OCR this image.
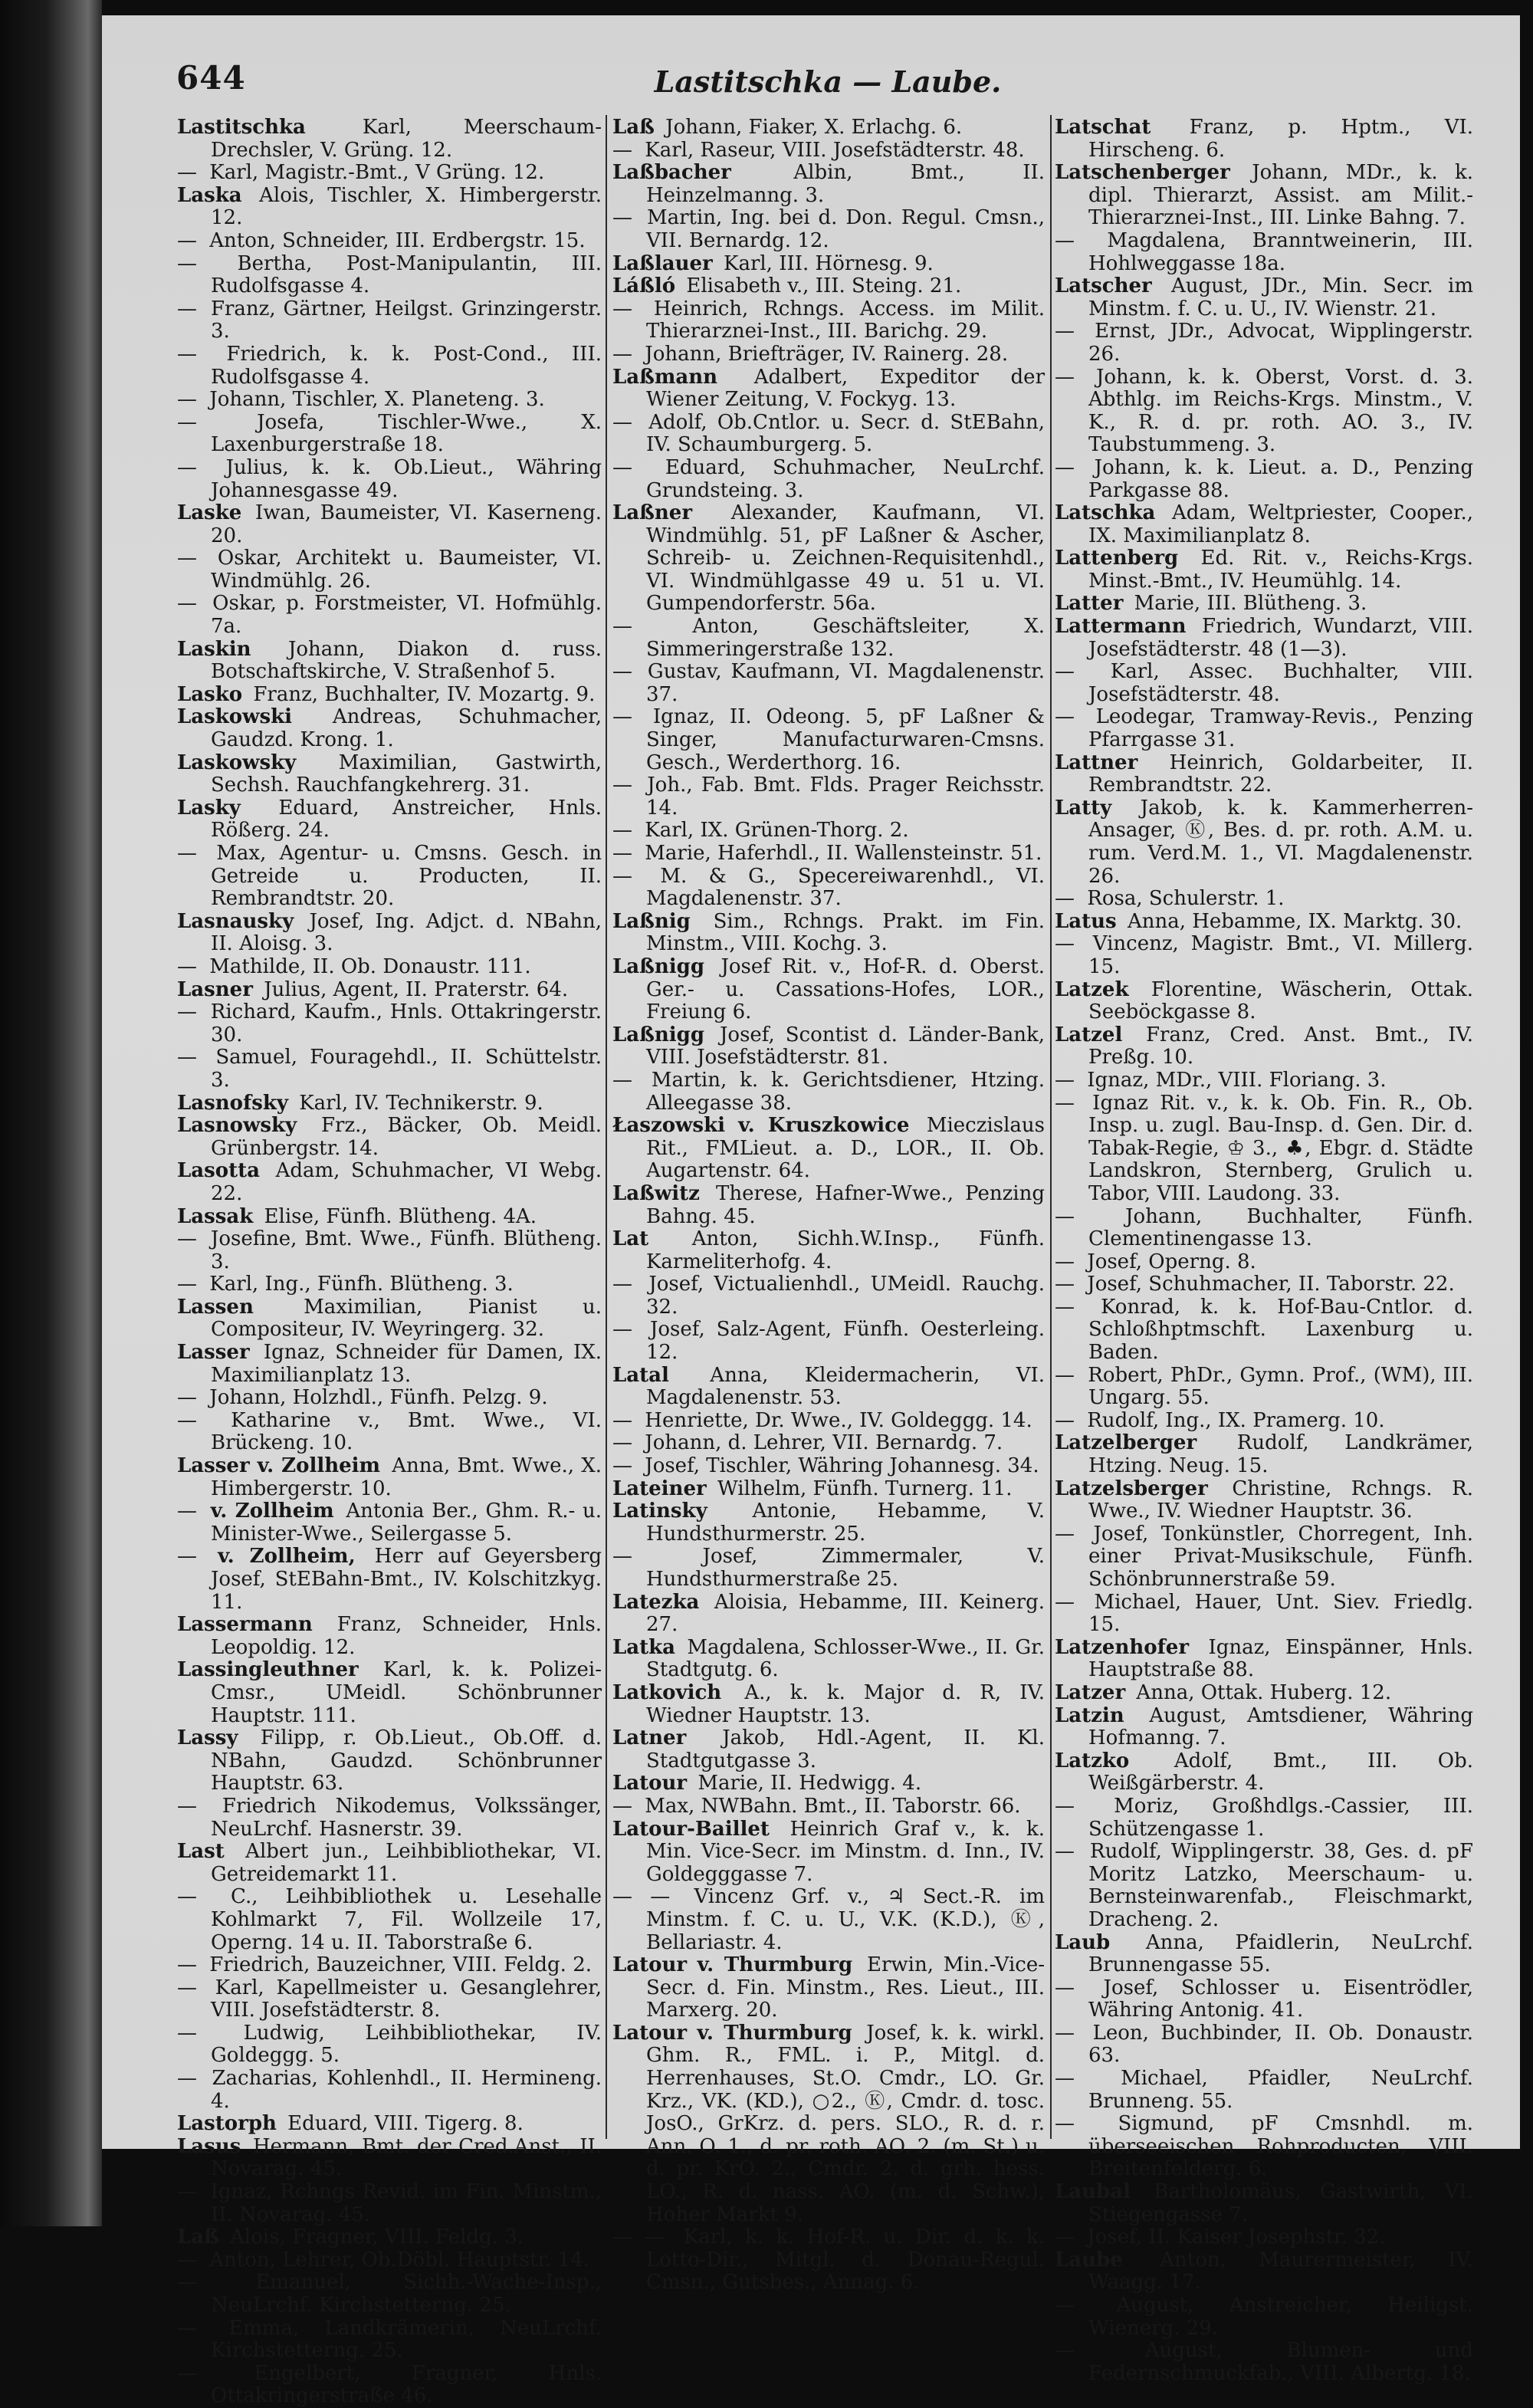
644	Lastitschka — Laube.
Lastitschka	Karl, Meerschaum-Drechsler, V. Grüng. 12.
— Karl, Magistr.-Bmt., V Grüng. 12.
Laska Alois, Tischler, X. Himbergerstr. 12.
— Anton, Schneider, III. Erdbergstr. 15.
— Bertha, Post-Manipulantin, III. Rudolfsgasse 4.
— Franz, Gärtner, Heilgst. Grinzingerstr. 3.
— Friedrich, k. k. Post-Cond., III. Rudolfsgasse 4.
— Johann, Tischler, X. Planeteng. 3.
—	Josefa, Tischler-Wwe., X. Laxenburgerstraße 18.
— Julius, k. k. Ob.Lieut., Währing Johannesgasse 49.
Laske Iwan, Baumeister, VI. Kaserneng. 20.
— Oskar, Architekt u. Baumeister, VI. Windmühlg. 26.
— Oskar, p. Forstmeister, VI. Hofmühlg. 7a.
Laskin Johann, Diakon d. russ. Botschaftskirche, V. Straßenhof 5.
Lasko Franz, Buchhalter, IV. Mozartg. 9.
Laskowski Andreas, Schuhmacher, Gaudzd. Krong. 1.
Laskowsky Maximilian, Gastwirth, Sechsh. Rauchfangkehrerg. 31.
Lasky Eduard, Anstreicher, Hnls. Rößerg. 24.
— Max, Agentur- u. Cmsns. Gesch. in Getreide u. Producten, II. Rembrandtstr. 20.
Lasnausky Josef, Ing. Adjct. d. NBahn, II. Aloisg. 3.
— Mathilde, II. Ob. Donaustr. 111.
Lasner Julius, Agent, II. Praterstr. 64.
— Richard, Kaufm., Hnls. Ottakringerstr. 30.
— Samuel, Fouragehdl., II. Schüttelstr. 3.
Lasnofsky Karl, IV. Technikerstr. 9.
Lasnowsky Frz., Bäcker, Ob. Meidl. Grünbergstr. 14.
Lasotta Adam, Schuhmacher, VI Webg. 22.
Lassak Elise, Fünfh. Blütheng. 4A.
— Josefine, Bmt. Wwe., Fünfh. Blütheng. 3.
— Karl, Ing., Fünfh. Blütheng. 3.
Lassen	Maximilian, Pianist u. Compositeur, IV. Weyringerg. 32.
Lasser Ignaz, Schneider für Damen, IX. Maximilianplatz 13.
— Johann, Holzhdl., Fünfh. Pelzg. 9.
— Katharine v., Bmt. Wwe., VI. Brückeng. 10.
Lasser v. Zollheim Anna, Bmt. Wwe., X. Himbergerstr. 10.
— v. Zollheim Antonia Ber., Ghm. R.- u. Minister-Wwe., Seilergasse 5.
— v. Zollheim, Herr auf Geyersberg Josef, StEBahn-Bmt., IV. Kolschitzkyg. 11.
Lassermann Franz, Schneider, Hnls. Leopoldig. 12.
Lassingleuthner Karl, k. k. Polizei-Cmsr., UMeidl. Schönbrunner Hauptstr. 111.
Lassy Filipp, r. Ob.Lieut., Ob.Off. d. NBahn, Gaudzd. Schönbrunner Hauptstr. 63.
— Friedrich Nikodemus, Volkssänger, NeuLrchf. Hasnerstr. 39.
Last Albert jun., Leihbibliothekar, VI. Getreidemarkt 11.
— C., Leihbibliothek u. Lesehalle Kohlmarkt 7, Fil. Wollzeile 17, Operng. 14 u. II. Taborstraße 6.
— Friedrich, Bauzeichner, VIII. Feldg. 2.
— Karl, Kapellmeister u. Gesanglehrer, VIII. Josefstädterstr. 8.
— Ludwig, Leihbibliothekar, IV. Goldeggg. 5.
— Zacharias, Kohlenhdl., II. Hermineng. 4.
Lastorph Eduard, VIII. Tigerg. 8.
Lasus Hermann, Bmt. der Cred.Anst., II. Novarag. 45.
— Ignaz, Rchngs Revid. im Fin. Minstm., II. Novarag. 45.
Laß Alois, Fragner, VIII. Feldg. 3.
— Anton, Lehrer, Ob.Döbl. Hauptstr. 14.
—	Emanuel, Sichh.-Wache-Insp., NeuLrchf. Kirchstetterng. 25.
— Emma, Landkrämerin, NeuLrchf. Kirchstetterng. 25.
—	Engelbert, Fragner, Hnls. Ottakringerstraße 46.
Laß Johann, Fiaker, X. Erlachg. 6.
— Karl, Raseur, VIII. Josefstädterstr. 48.
Laßbacher	Albin, Bmt., II. Heinzelmanng. 3.
— Martin, Ing. bei d. Don. Regul. Cmsn., VII. Bernardg. 12.
Laßlauer Karl, III. Hörnesg. 9.
Láßló Elisabeth v., III. Steing. 21.
— Heinrich, Rchngs. Access. im Milit. Thierarznei-Inst., III. Barichg. 29.
— Johann, Briefträger, IV. Rainerg. 28.
Laßmann Adalbert, Expeditor der Wiener Zeitung, V. Fockyg. 13.
— Adolf, Ob.Cntlor. u. Secr. d. StEBahn, IV. Schaumburgerg. 5.
— Eduard, Schuhmacher, NeuLrchf. Grundsteing. 3.
Laßner Alexander, Kaufmann, VI. Windmühlg. 51, pF Laßner & Ascher, Schreib- u. Zeichnen-Requisitenhdl., VI. Windmühlgasse 49 u. 51 u. VI. Gumpendorferstr. 56a.
—	Anton, Geschäftsleiter, X. Simmeringerstraße 132.
— Gustav, Kaufmann, VI. Magdalenenstr. 37.
— Ignaz, II. Odeong. 5, pF Laßner & Singer, Manufacturwaren-Cmsns. Gesch., Werderthorg. 16.
— Joh., Fab. Bmt. Flds. Prager Reichsstr. 14.
— Karl, IX. Grünen-Thorg. 2.
— Marie, Haferhdl., II. Wallensteinstr. 51.
— M. & G., Specereiwarenhdl., VI. Magdalenenstr. 37.
Laßnig Sim., Rchngs. Prakt. im Fin. Minstm., VIII. Kochg. 3.
Laßnigg Josef Rit. v., Hof-R. d. Oberst. Ger.- u. Cassations-Hofes, LOR., Freiung 6.
Laßnigg Josef, Scontist d. Länder-Bank, VIII. Josefstädterstr. 81.
— Martin, k. k. Gerichtsdiener, Htzing. Alleegasse 38.
Łaszowski v. Kruszkowice Mieczislaus Rit., FMLieut. a. D., LOR., II. Ob. Augartenstr. 64.
Laßwitz Therese, Hafner-Wwe., Penzing Bahng. 45.
Lat Anton, Sichh.W.Insp., Fünfh. Karmeliterhofg. 4.
— Josef, Victualienhdl., UMeidl. Rauchg. 32.
— Josef, Salz-Agent, Fünfh. Oesterleing. 12.
Latal Anna, Kleidermacherin, VI. Magdalenenstr. 53.
— Henriette, Dr. Wwe., IV. Goldeggg. 14.
— Johann, d. Lehrer, VII. Bernardg. 7.
— Josef, Tischler, Währing Johannesg. 34.
Lateiner Wilhelm, Fünfh. Turnerg. 11.
Latinsky Antonie, Hebamme, V. Hundsthurmerstr. 25.
—	Josef, Zimmermaler, V. Hundsthurmerstraße 25.
Latezka Aloisia, Hebamme, III. Keinerg. 27.
Latka Magdalena, Schlosser-Wwe., II. Gr. Stadtgutg. 6.
Latkovich A., k. k. Major d. R, IV. Wiedner Hauptstr. 13.
Latner Jakob, Hdl.-Agent, II. Kl. Stadtgutgasse 3.
Latour Marie, II. Hedwigg. 4.
— Max, NWBahn. Bmt., II. Taborstr. 66.
Latour-Baillet Heinrich Graf v., k. k. Min. Vice-Secr. im Minstm. d. Inn., IV. Goldegggasse 7.
— — Vincenz Grf. v., ♃ Sect.-R. im Minstm. f. C. u. U., V.K. (K.D.), Ⓚ, Bellariastr. 4.
Latour v. Thurmburg Erwin, Min.-Vice-Secr. d. Fin. Minstm., Res. Lieut., III. Marxerg. 20.
Latour v. Thurmburg Josef, k. k. wirkl. Ghm. R., FML. i. P., Mitgl. d. Herrenhauses, St.O. Cmdr., LO. Gr. Krz., VK. (KD.), ○2., Ⓚ, Cmdr. d. tosc. JosO., GrKrz. d. pers. SLO., R. d. r. Ann. O. 1., d. pr. roth. AO. 2. (m. St.) u. d. pr. KrO. 2., Cmdr. 2. d. grh. hess. LO., R. d. nass. AO. (m. d. Schw.), Hoher Markt 9.
— — Karl, k. k. Hof-R. u. Dir. d. k. k. Lotto-Dir., Mitgl. d. Donau-Regul. Cmsn., Gutsbes., Annag. 6.
Latschat Franz, p. Hptm., VI. Hirscheng. 6.
Latschenberger Johann, MDr., k. k. dipl. Thierarzt, Assist. am Milit.-Thierarznei-Inst., III. Linke Bahng. 7.
— Magdalena, Branntweinerin, III. Hohlweggasse 18a.
Latscher August, JDr., Min. Secr. im Minstm. f. C. u. U., IV. Wienstr. 21.
— Ernst, JDr., Advocat, Wipplingerstr. 26.
— Johann, k. k. Oberst, Vorst. d. 3. Abthlg. im Reichs-Krgs. Minstm., V. K., R. d. pr. roth. AO. 3., IV. Taubstummeng. 3.
— Johann, k. k. Lieut. a. D., Penzing Parkgasse 88.
Latschka Adam, Weltpriester, Cooper., IX. Maximilianplatz 8.
Lattenberg Ed. Rit. v., Reichs-Krgs. Minst.-Bmt., IV. Heumühlg. 14.
Latter Marie, III. Blütheng. 3.
Lattermann Friedrich, Wundarzt, VIII. Josefstädterstr. 48 (1—3).
— Karl, Assec. Buchhalter, VIII. Josefstädterstr. 48.
— Leodegar, Tramway-Revis., Penzing Pfarrgasse 31.
Lattner Heinrich, Goldarbeiter, II. Rembrandtstr. 22.
Latty Jakob, k. k. Kammerherren-Ansager, Ⓚ, Bes. d. pr. roth. A.M. u. rum. Verd.M. 1., VI. Magdalenenstr. 26.
— Rosa, Schulerstr. 1.
Latus Anna, Hebamme, IX. Marktg. 30.
— Vincenz, Magistr. Bmt., VI. Millerg. 15.
Latzek Florentine, Wäscherin, Ottak. Seeböckgasse 8.
Latzel Franz, Cred. Anst. Bmt., IV. Preßg. 10.
— Ignaz, MDr., VIII. Floriang. 3.
— Ignaz Rit. v., k. k. Ob. Fin. R., Ob. Insp. u. zugl. Bau-Insp. d. Gen. Dir. d. Tabak-Regie, ♔ 3., ♣, Ebgr. d. Städte Landskron, Sternberg, Grulich u. Tabor, VIII. Laudong. 33.
—	Johann, Buchhalter, Fünfh. Clementinengasse 13.
— Josef, Operng. 8.
— Josef, Schuhmacher, II. Taborstr. 22.
— Konrad, k. k. Hof-Bau-Cntlor. d. Schloßhptmschft. Laxenburg u. Baden.
— Robert, PhDr., Gymn. Prof., (WM), III. Ungarg. 55.
— Rudolf, Ing., IX. Pramerg. 10.
Latzelberger Rudolf, Landkrämer, Htzing. Neug. 15.
Latzelsberger Christine, Rchngs. R. Wwe., IV. Wiedner Hauptstr. 36.
— Josef, Tonkünstler, Chorregent, Inh. einer Privat-Musikschule, Fünfh. Schönbrunnerstraße 59.
— Michael, Hauer, Unt. Siev. Friedlg. 15.
Latzenhofer Ignaz, Einspänner, Hnls. Hauptstraße 88.
Latzer Anna, Ottak. Huberg. 12.
Latzin August, Amtsdiener, Währing Hofmanng. 7.
Latzko Adolf, Bmt., III. Ob. Weißgärberstr. 4.
— Moriz, Großhdlgs.-Cassier, III. Schützengasse 1.
— Rudolf, Wipplingerstr. 38, Ges. d. pF Moritz Latzko, Meerschaum- u. Bernsteinwarenfab., Fleischmarkt, Dracheng. 2.
Laub Anna, Pfaidlerin, NeuLrchf. Brunnengasse 55.
— Josef, Schlosser u. Eisentrödler, Währing Antonig. 41.
— Leon, Buchbinder, II. Ob. Donaustr. 63.
— Michael, Pfaidler, NeuLrchf. Brunneng. 55.
— Sigmund, pF Cmsnhdl. m. überseeischen Rohproducten, VIII. Breitenfelderg. 6.
Laubal Bartholomäus, Gastwirth, VI. Stiegengasse 7.
— Josef, II. Kaiser Josephstr. 32.
Laube Anton, Maurermeister, IV. Waagg. 17.
— August, Anstreicher, Heiligst. Wienerg. 29.
—	August, Blumen- und Federnschmuckfab., VIII. Albertg. 18.
